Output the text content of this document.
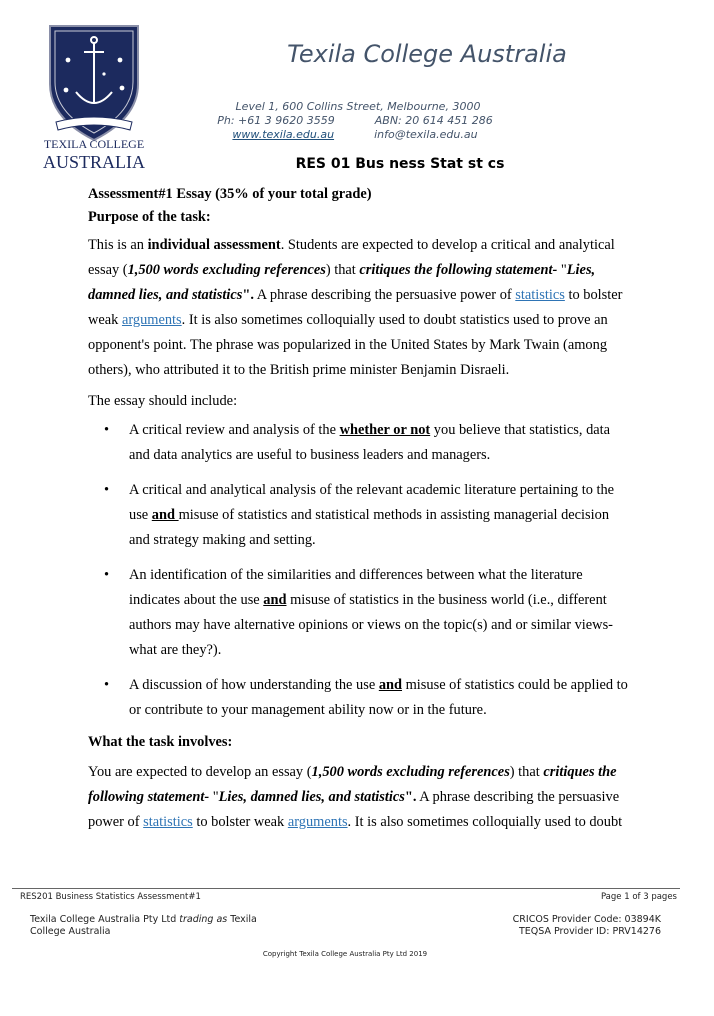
TEXILA COLLEGE
AUSTRALIA
Texila College Australia
Level 1, 600 Collins Street, Melbourne, 3000
Ph: +61 3 9620 3559	ABN: 20 614 451 286
www.texila.edu.au	info@texila.edu.au
RES 01 Bus ness Stat st cs

Assessment#1 Essay (35% of your total grade)

Purpose of the task:

This is an individual assessment. Students are expected to develop a critical and analytical essay (1,500 words excluding references) that critiques the following statement- "Lies, damned lies, and statistics". A phrase describing the persuasive power of statistics to bolster weak arguments. It is also sometimes colloquially used to doubt statistics used to prove an opponent's point. The phrase was popularized in the United States by Mark Twain (among others), who attributed it to the British prime minister Benjamin Disraeli.

The essay should include:

• A critical review and analysis of the whether or not you believe that statistics, data and data analytics are useful to business leaders and managers.
• A critical and analytical analysis of the relevant academic literature pertaining to the use and misuse of statistics and statistical methods in assisting managerial decision and strategy making and setting.
• An identification of the similarities and differences between what the literature indicates about the use and misuse of statistics in the business world (i.e., different authors may have alternative opinions or views on the topic(s) and or similar views- what are they?).
• A discussion of how understanding the use and misuse of statistics could be applied to or contribute to your management ability now or in the future.

What the task involves:

You are expected to develop an essay (1,500 words excluding references) that critiques the following statement- "Lies, damned lies, and statistics". A phrase describing the persuasive power of statistics to bolster weak arguments. It is also sometimes colloquially used to doubt

RES201 Business Statistics Assessment#1	Page 1 of 3 pages
Texila College Australia Pty Ltd trading as Texila College Australia
CRICOS Provider Code: 03894K
TEQSA Provider ID: PRV14276
Copyright Texila College Australia Pty Ltd 2019
